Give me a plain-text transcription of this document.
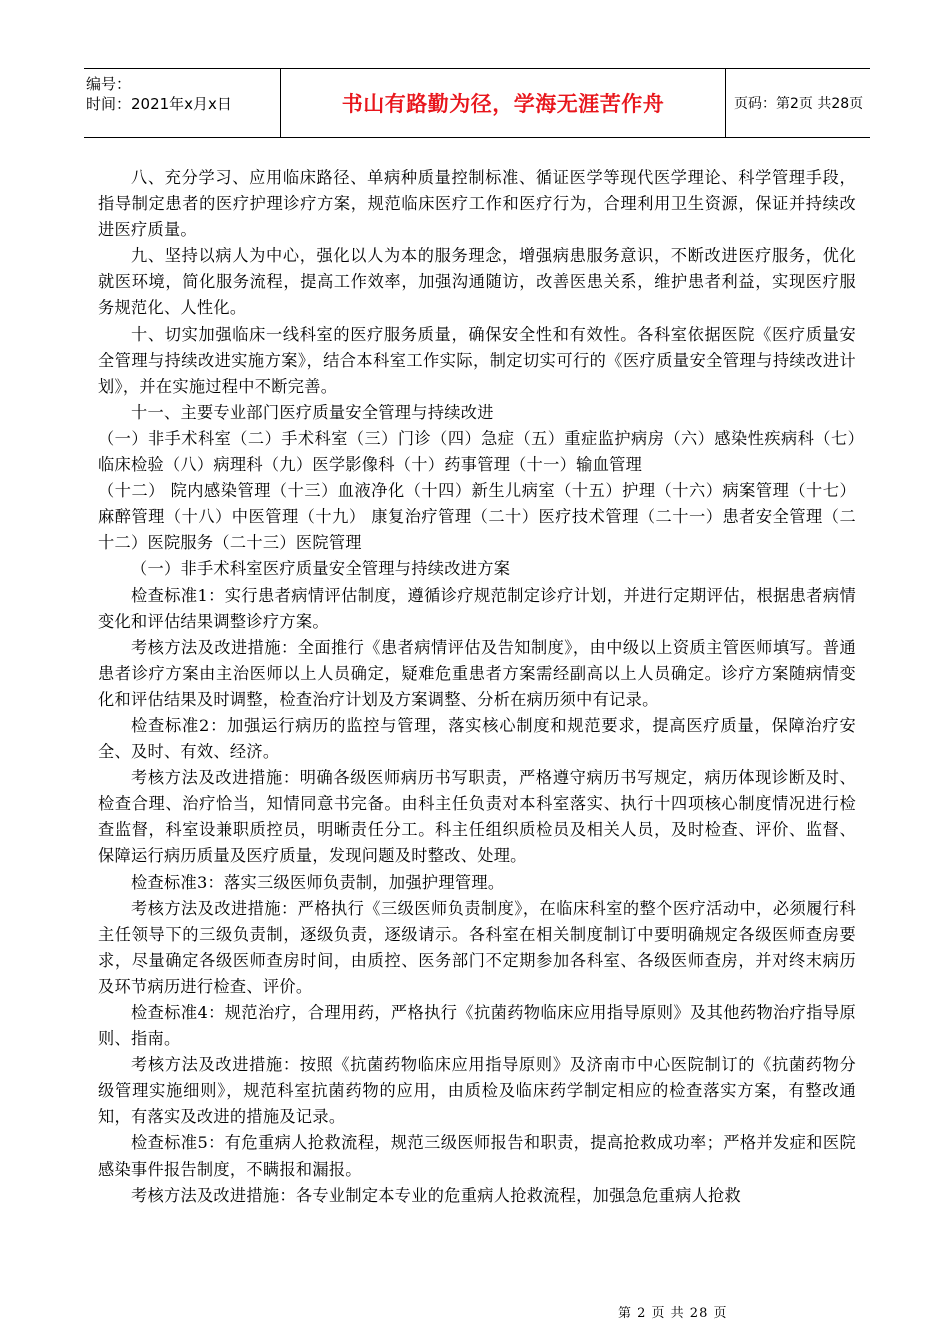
编号：
时间：2021年x月x日	书山有路勤为径，学海无涯苦作舟	页码：第2页 共28页

八、充分学习、应用临床路径、单病种质量控制标准、循证医学等现代医学理论、科学管理手段，指导制定患者的医疗护理诊疗方案，规范临床医疗工作和医疗行为，合理利用卫生资源，保证并持续改进医疗质量。

九、坚持以病人为中心，强化以人为本的服务理念，增强病患服务意识，不断改进医疗服务，优化就医环境，简化服务流程，提高工作效率，加强沟通随访，改善医患关系，维护患者利益，实现医疗服务规范化、人性化。

十、切实加强临床一线科室的医疗服务质量，确保安全性和有效性。各科室依据医院《医疗质量安全管理与持续改进实施方案》，结合本科室工作实际，制定切实可行的《医疗质量安全管理与持续改进计划》，并在实施过程中不断完善。

十一、主要专业部门医疗质量安全管理与持续改进

（一）非手术科室（二）手术科室（三）门诊（四）急症（五）重症监护病房（六）感染性疾病科（七）临床检验（八）病理科（九）医学影像科（十）药事管理（十一）输血管理

（十二） 院内感染管理（十三）血液净化（十四）新生儿病室（十五）护理（十六）病案管理（十七）麻醉管理（十八）中医管理（十九） 康复治疗管理（二十）医疗技术管理（二十一）患者安全管理（二十二）医院服务（二十三）医院管理

（一）非手术科室医疗质量安全管理与持续改进方案

检查标准1：实行患者病情评估制度，遵循诊疗规范制定诊疗计划，并进行定期评估，根据患者病情变化和评估结果调整诊疗方案。

考核方法及改进措施：全面推行《患者病情评估及告知制度》，由中级以上资质主管医师填写。普通患者诊疗方案由主治医师以上人员确定，疑难危重患者方案需经副高以上人员确定。诊疗方案随病情变化和评估结果及时调整，检查治疗计划及方案调整、分析在病历须中有记录。

检查标准2：加强运行病历的监控与管理，落实核心制度和规范要求，提高医疗质量，保障治疗安全、及时、有效、经济。

考核方法及改进措施：明确各级医师病历书写职责，严格遵守病历书写规定，病历体现诊断及时、检查合理、治疗恰当，知情同意书完备。由科主任负责对本科室落实、执行十四项核心制度情况进行检查监督，科室设兼职质控员，明晰责任分工。科主任组织质检员及相关人员，及时检查、评价、监督、保障运行病历质量及医疗质量，发现问题及时整改、处理。

检查标准3：落实三级医师负责制，加强护理管理。

考核方法及改进措施：严格执行《三级医师负责制度》，在临床科室的整个医疗活动中，必须履行科主任领导下的三级负责制，逐级负责，逐级请示。各科室在相关制度制订中要明确规定各级医师查房要求，尽量确定各级医师查房时间，由质控、医务部门不定期参加各科室、各级医师查房，并对终末病历及环节病历进行检查、评价。

检查标准4：规范治疗，合理用药，严格执行《抗菌药物临床应用指导原则》及其他药物治疗指导原则、指南。

考核方法及改进措施：按照《抗菌药物临床应用指导原则》及济南市中心医院制订的《抗菌药物分级管理实施细则》，规范科室抗菌药物的应用，由质检及临床药学制定相应的检查落实方案，有整改通知，有落实及改进的措施及记录。

检查标准5：有危重病人抢救流程，规范三级医师报告和职责，提高抢救成功率；严格并发症和医院感染事件报告制度，不瞒报和漏报。

考核方法及改进措施：各专业制定本专业的危重病人抢救流程，加强急危重病人抢救

第 2 页 共 28 页
